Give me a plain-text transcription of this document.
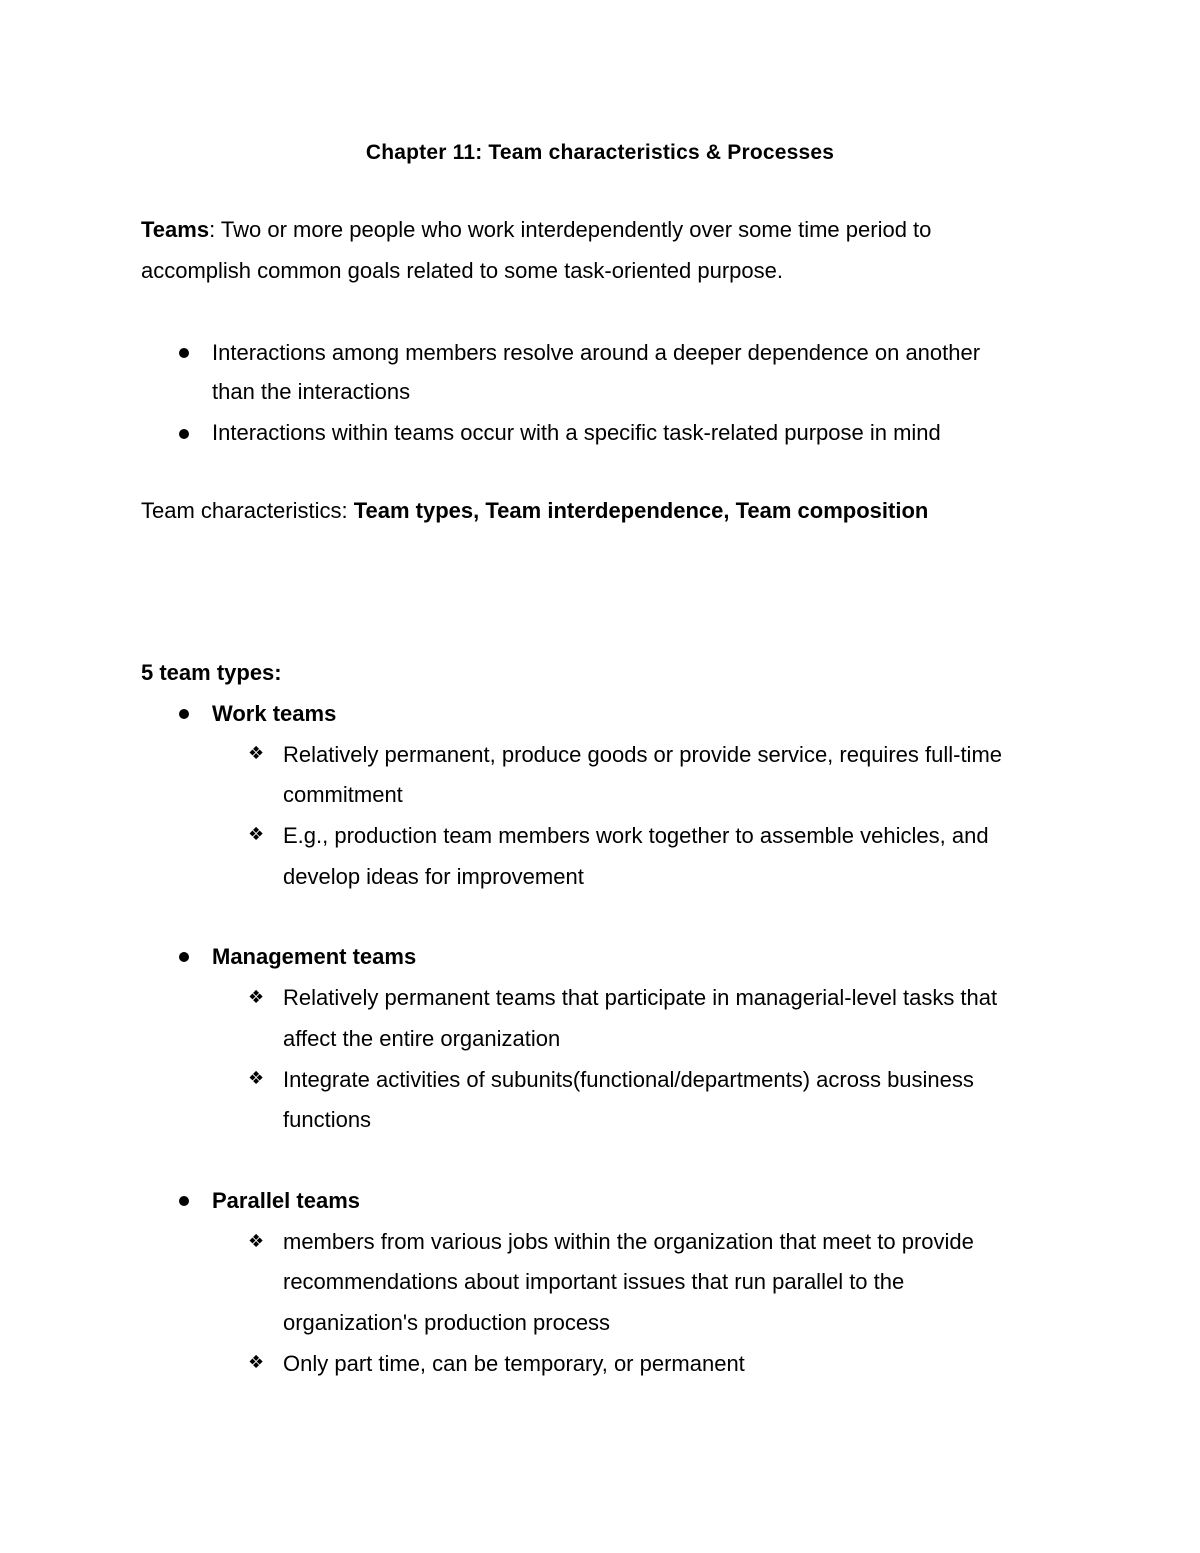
Chapter 11: Team characteristics & Processes
Teams: Two or more people who work interdependently over some time period to
accomplish common goals related to some task-oriented purpose.
Interactions among members resolve around a deeper dependence on another
than the interactions
Interactions within teams occur with a specific task-related purpose in mind
Team characteristics: Team types, Team interdependence, Team composition
5 team types:
Work teams
❖ Relatively permanent, produce goods or provide service, requires full-time
commitment
❖ E.g., production team members work together to assemble vehicles, and
develop ideas for improvement
Management teams
❖ Relatively permanent teams that participate in managerial-level tasks that
affect the entire organization
❖ Integrate activities of subunits(functional/departments) across business
functions
Parallel teams
❖ members from various jobs within the organization that meet to provide
recommendations about important issues that run parallel to the
organization's production process
❖ Only part time, can be temporary, or permanent
